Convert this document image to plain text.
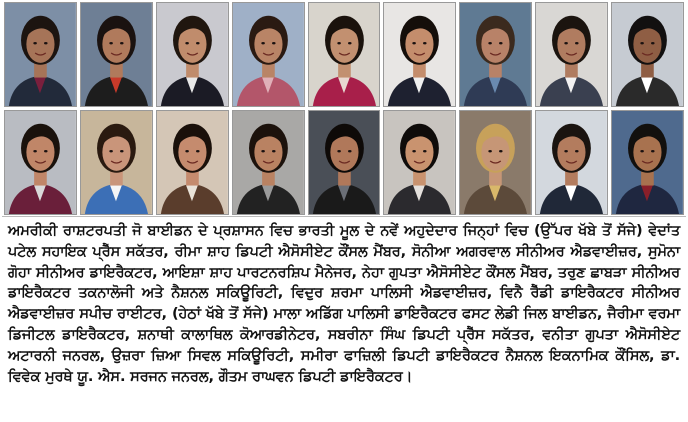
ਅਮਰੀਕੀ ਰਾਸ਼ਟਰਪਤੀ ਜੋ ਬਾਈਡਨ ਦੇ ਪ੍ਰਸ਼ਾਸਨ ਵਿਚ ਭਾਰਤੀ ਮੂਲ ਦੇ ਨਵੇਂ ਅਹੁਦੇਦਾਰ ਜਿਨ੍ਹਾਂ ਵਿਚ (ਉੱਪਰ ਖੱਬੇ ਤੋਂ ਸੱਜੇ) ਵੇਦਾਂਤ ਪਟੇਲ ਸਹਾਇਕ ਪ੍ਰੈੱਸ ਸਕੱਤਰ, ਰੀਮਾ ਸ਼ਾਹ ਡਿਪਟੀ ਐਸੋਸੀਏਟ ਕੌਂਸਲ ਮੈਂਬਰ, ਸੋਨੀਆ ਅਗਰਵਾਲ ਸੀਨੀਅਰ ਐਡਵਾਈਜ਼ਰ, ਸੁਮੋਨਾ ਗੋਹਾ ਸੀਨੀਅਰ ਡਾਇਰੈਕਟਰ, ਆਇਸ਼ਾ ਸ਼ਾਹ ਪਾਰਟਨਰਸ਼ਿਪ ਮੈਨੇਜਰ, ਨੇਹਾ ਗੁਪਤਾ ਐਸੋਸੀਏਟ ਕੌਂਸਲ ਮੈਂਬਰ, ਤਰੁਣ ਛਾਬੜਾ ਸੀਨੀਅਰ ਡਾਇਰੈਕਟਰ ਤਕਨਾਲੋਜੀ ਅਤੇ ਨੈਸ਼ਨਲ ਸਕਿਊਰਿਟੀ, ਵਿਦੁਰ ਸ਼ਰਮਾ ਪਾਲਿਸੀ ਐਡਵਾਈਜ਼ਰ, ਵਿਨੈ ਰੈੱਡੀ ਡਾਇਰੈਕਟਰ ਸੀਨੀਅਰ ਐਡਵਾਈਜ਼ਰ ਸਪੀਚ ਰਾਈਟਰ, (ਹੇਠਾਂ ਖੱਬੇ ਤੋਂ ਸੱਜੇ) ਮਾਲਾ ਅਡਿੱਗ ਪਾਲਿਸੀ ਡਾਇਰੈਕਟਰ ਫਸਟ ਲੇਡੀ ਜਿਲ ਬਾਈਡਨ, ਜੈਰੀਮਾ ਵਰਮਾ ਡਿਜੀਟਲ ਡਾਇਰੈਕਟਰ, ਸ਼ਨਾਥੀ ਕਾਲਾਥਿਲ ਕੋਆਰਡੀਨੇਟਰ, ਸਬਰੀਨਾ ਸਿੰਘ ਡਿਪਟੀ ਪ੍ਰੈੱਸ ਸਕੱਤਰ, ਵਨੀਤਾ ਗੁਪਤਾ ਐਸੋਸੀਏਟ ਅਟਾਰਨੀ ਜਨਰਲ, ਉਜ਼ਰਾ ਜ਼ਿਆ ਸਿਵਲ ਸਕਿਊਰਿਟੀ, ਸਮੀਰਾ ਫਾਜ਼ਿਲੀ ਡਿਪਟੀ ਡਾਇਰੈਕਟਰ ਨੈਸ਼ਨਲ ਇਕਨਾਮਿਕ ਕੌਂਸਿਲ, ਡਾ. ਵਿਵੇਕ ਮੁਰਥੇ ਯੂ. ਐਸ. ਸਰਜਨ ਜਨਰਲ, ਗੌਤਮ ਰਾਘਵਨ ਡਿਪਟੀ ਡਾਇਰੈਕਟਰ।
